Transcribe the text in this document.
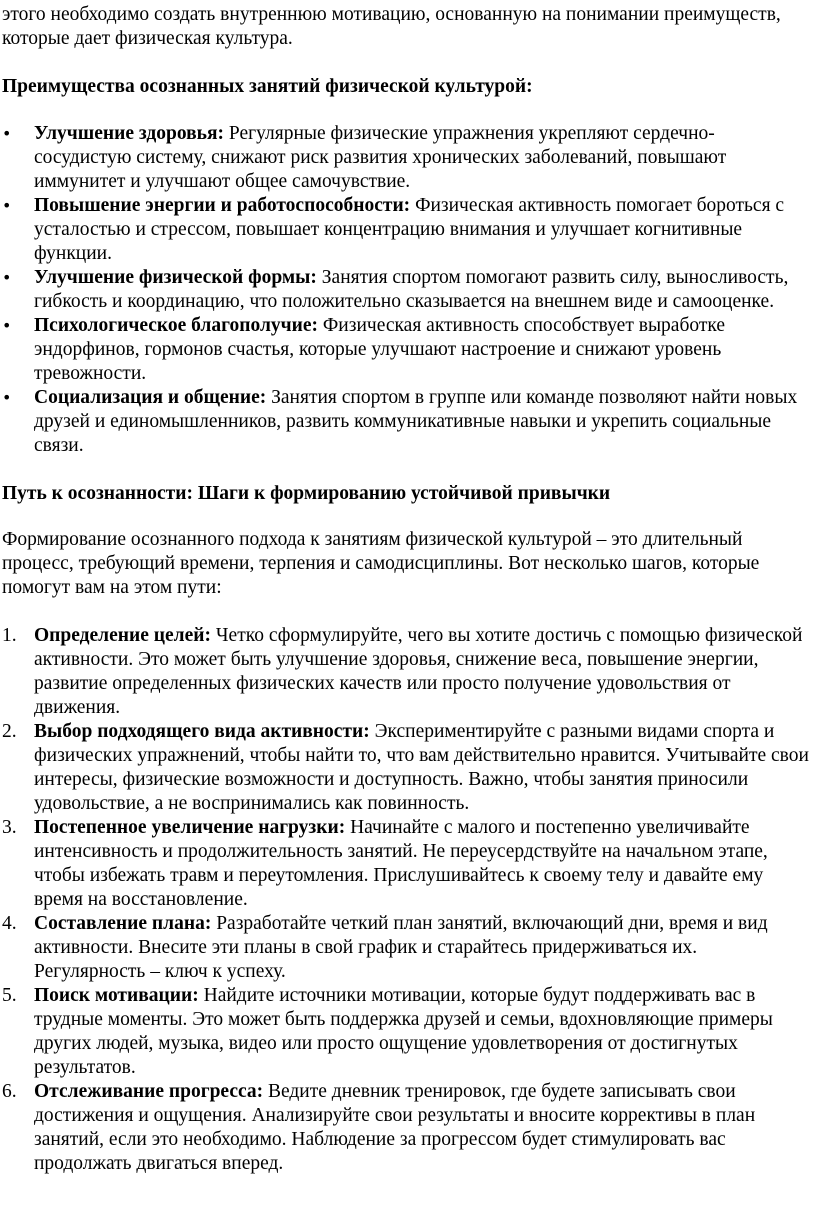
этого необходимо создать внутреннюю мотивацию, основанную на понимании преимуществ, которые дает физическая культура.

Преимущества осознанных занятий физической культурой:

• Улучшение здоровья: Регулярные физические упражнения укрепляют сердечно-сосудистую систему, снижают риск развития хронических заболеваний, повышают иммунитет и улучшают общее самочувствие.
• Повышение энергии и работоспособности: Физическая активность помогает бороться с усталостью и стрессом, повышает концентрацию внимания и улучшает когнитивные функции.
• Улучшение физической формы: Занятия спортом помогают развить силу, выносливость, гибкость и координацию, что положительно сказывается на внешнем виде и самооценке.
• Психологическое благополучие: Физическая активность способствует выработке эндорфинов, гормонов счастья, которые улучшают настроение и снижают уровень тревожности.
• Социализация и общение: Занятия спортом в группе или команде позволяют найти новых друзей и единомышленников, развить коммуникативные навыки и укрепить социальные связи.

Путь к осознанности: Шаги к формированию устойчивой привычки

Формирование осознанного подхода к занятиям физической культурой – это длительный процесс, требующий времени, терпения и самодисциплины. Вот несколько шагов, которые помогут вам на этом пути:

1. Определение целей: Четко сформулируйте, чего вы хотите достичь с помощью физической активности. Это может быть улучшение здоровья, снижение веса, повышение энергии, развитие определенных физических качеств или просто получение удовольствия от движения.
2. Выбор подходящего вида активности: Экспериментируйте с разными видами спорта и физических упражнений, чтобы найти то, что вам действительно нравится. Учитывайте свои интересы, физические возможности и доступность. Важно, чтобы занятия приносили удовольствие, а не воспринимались как повинность.
3. Постепенное увеличение нагрузки: Начинайте с малого и постепенно увеличивайте интенсивность и продолжительность занятий. Не переусердствуйте на начальном этапе, чтобы избежать травм и переутомления. Прислушивайтесь к своему телу и давайте ему время на восстановление.
4. Составление плана: Разработайте четкий план занятий, включающий дни, время и вид активности. Внесите эти планы в свой график и старайтесь придерживаться их. Регулярность – ключ к успеху.
5. Поиск мотивации: Найдите источники мотивации, которые будут поддерживать вас в трудные моменты. Это может быть поддержка друзей и семьи, вдохновляющие примеры других людей, музыка, видео или просто ощущение удовлетворения от достигнутых результатов.
6. Отслеживание прогресса: Ведите дневник тренировок, где будете записывать свои достижения и ощущения. Анализируйте свои результаты и вносите коррективы в план занятий, если это необходимо. Наблюдение за прогрессом будет стимулировать вас продолжать двигаться вперед.
